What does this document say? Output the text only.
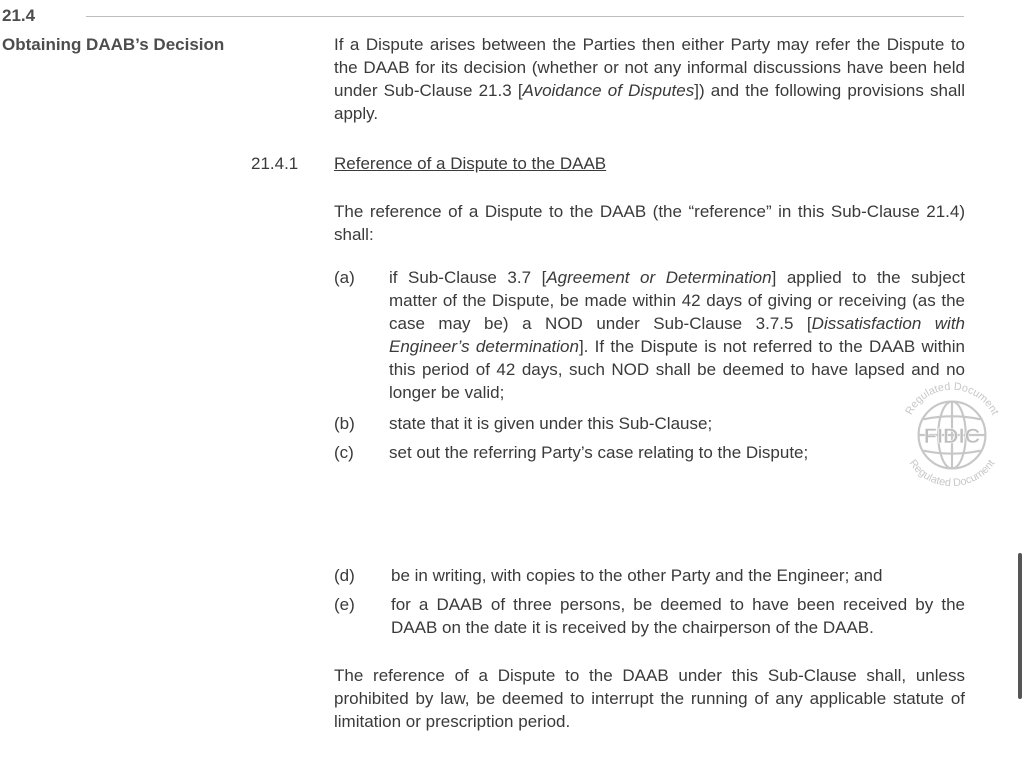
21.4
Obtaining DAAB’s Decision	If a Dispute arises between the Parties then either Party may refer the Dispute to the DAAB for its decision (whether or not any informal discussions have been held under Sub-Clause 21.3 [Avoidance of Disputes]) and the following provisions shall apply.

21.4.1 Reference of a Dispute to the DAAB

The reference of a Dispute to the DAAB (the “reference” in this Sub-Clause 21.4) shall:

(a) if Sub-Clause 3.7 [Agreement or Determination] applied to the subject matter of the Dispute, be made within 42 days of giving or receiving (as the case may be) a NOD under Sub-Clause 3.7.5 [Dissatisfaction with Engineer’s determination]. If the Dispute is not referred to the DAAB within this period of 42 days, such NOD shall be deemed to have lapsed and no longer be valid;

(b) state that it is given under this Sub-Clause;

(c) set out the referring Party’s case relating to the Dispute;

(d) be in writing, with copies to the other Party and the Engineer; and

(e) for a DAAB of three persons, be deemed to have been received by the DAAB on the date it is received by the chairperson of the DAAB.

The reference of a Dispute to the DAAB under this Sub-Clause shall, unless prohibited by law, be deemed to interrupt the running of any applicable statute of limitation or prescription period.

Regulated Document
FIDIC
Regulated Document
